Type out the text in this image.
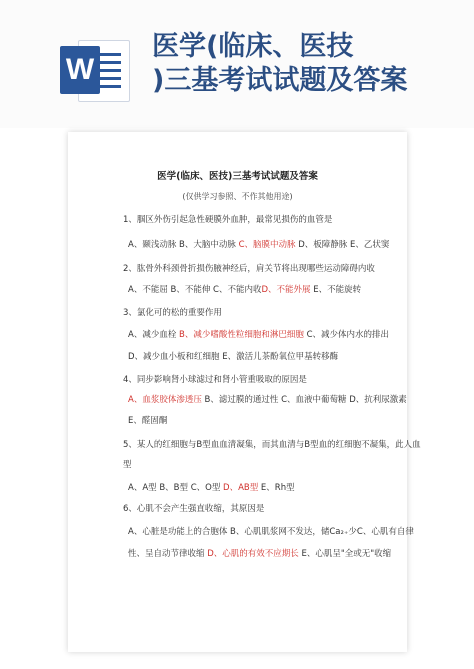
W
医学(临床、医技
)三基考试试题及答案
医学(临床、医技)三基考试试题及答案
(仅供学习参照、不作其他用途)
1、腘区外伤引起急性硬膜外血肿，最常见损伤的血管是
A、颞浅动脉 B、大脑中动脉 C、脑膜中动脉 D、板障静脉 E、乙状窦
2、肱骨外科颈骨折损伤腋神经后，肩关节将出现哪些运动障碍内收
A、不能屈 B、不能伸 C、不能内收D、不能外展 E、不能旋转
3、氯化可的松的重要作用
A、减少血栓 B、减少嗜酸性粒细胞和淋巴细胞 C、减少体内水的排出
D、减少血小板和红细胞 E、激活儿茶酚氧位甲基转移酶
4、同步影响肾小球滤过和肾小管重吸取的原因是
A、血浆胶体渗透压 B、滤过膜的通过性 C、血液中葡萄糖 D、抗利尿激素
E、醛固酮
5、某人的红细胞与B型血血清凝集，而其血清与B型血的红细胞不凝集，此人血
型
A、A型 B、B型 C、O型 D、AB型 E、Rh型
6、心肌不会产生强直收缩，其原因是
A、心脏是功能上的合胞体 B、心肌肌浆网不发达，储Ca₂₊少C、心肌有自律
性、呈自动节律收缩 D、心肌的有效不应期长 E、心肌呈"全或无"收缩
